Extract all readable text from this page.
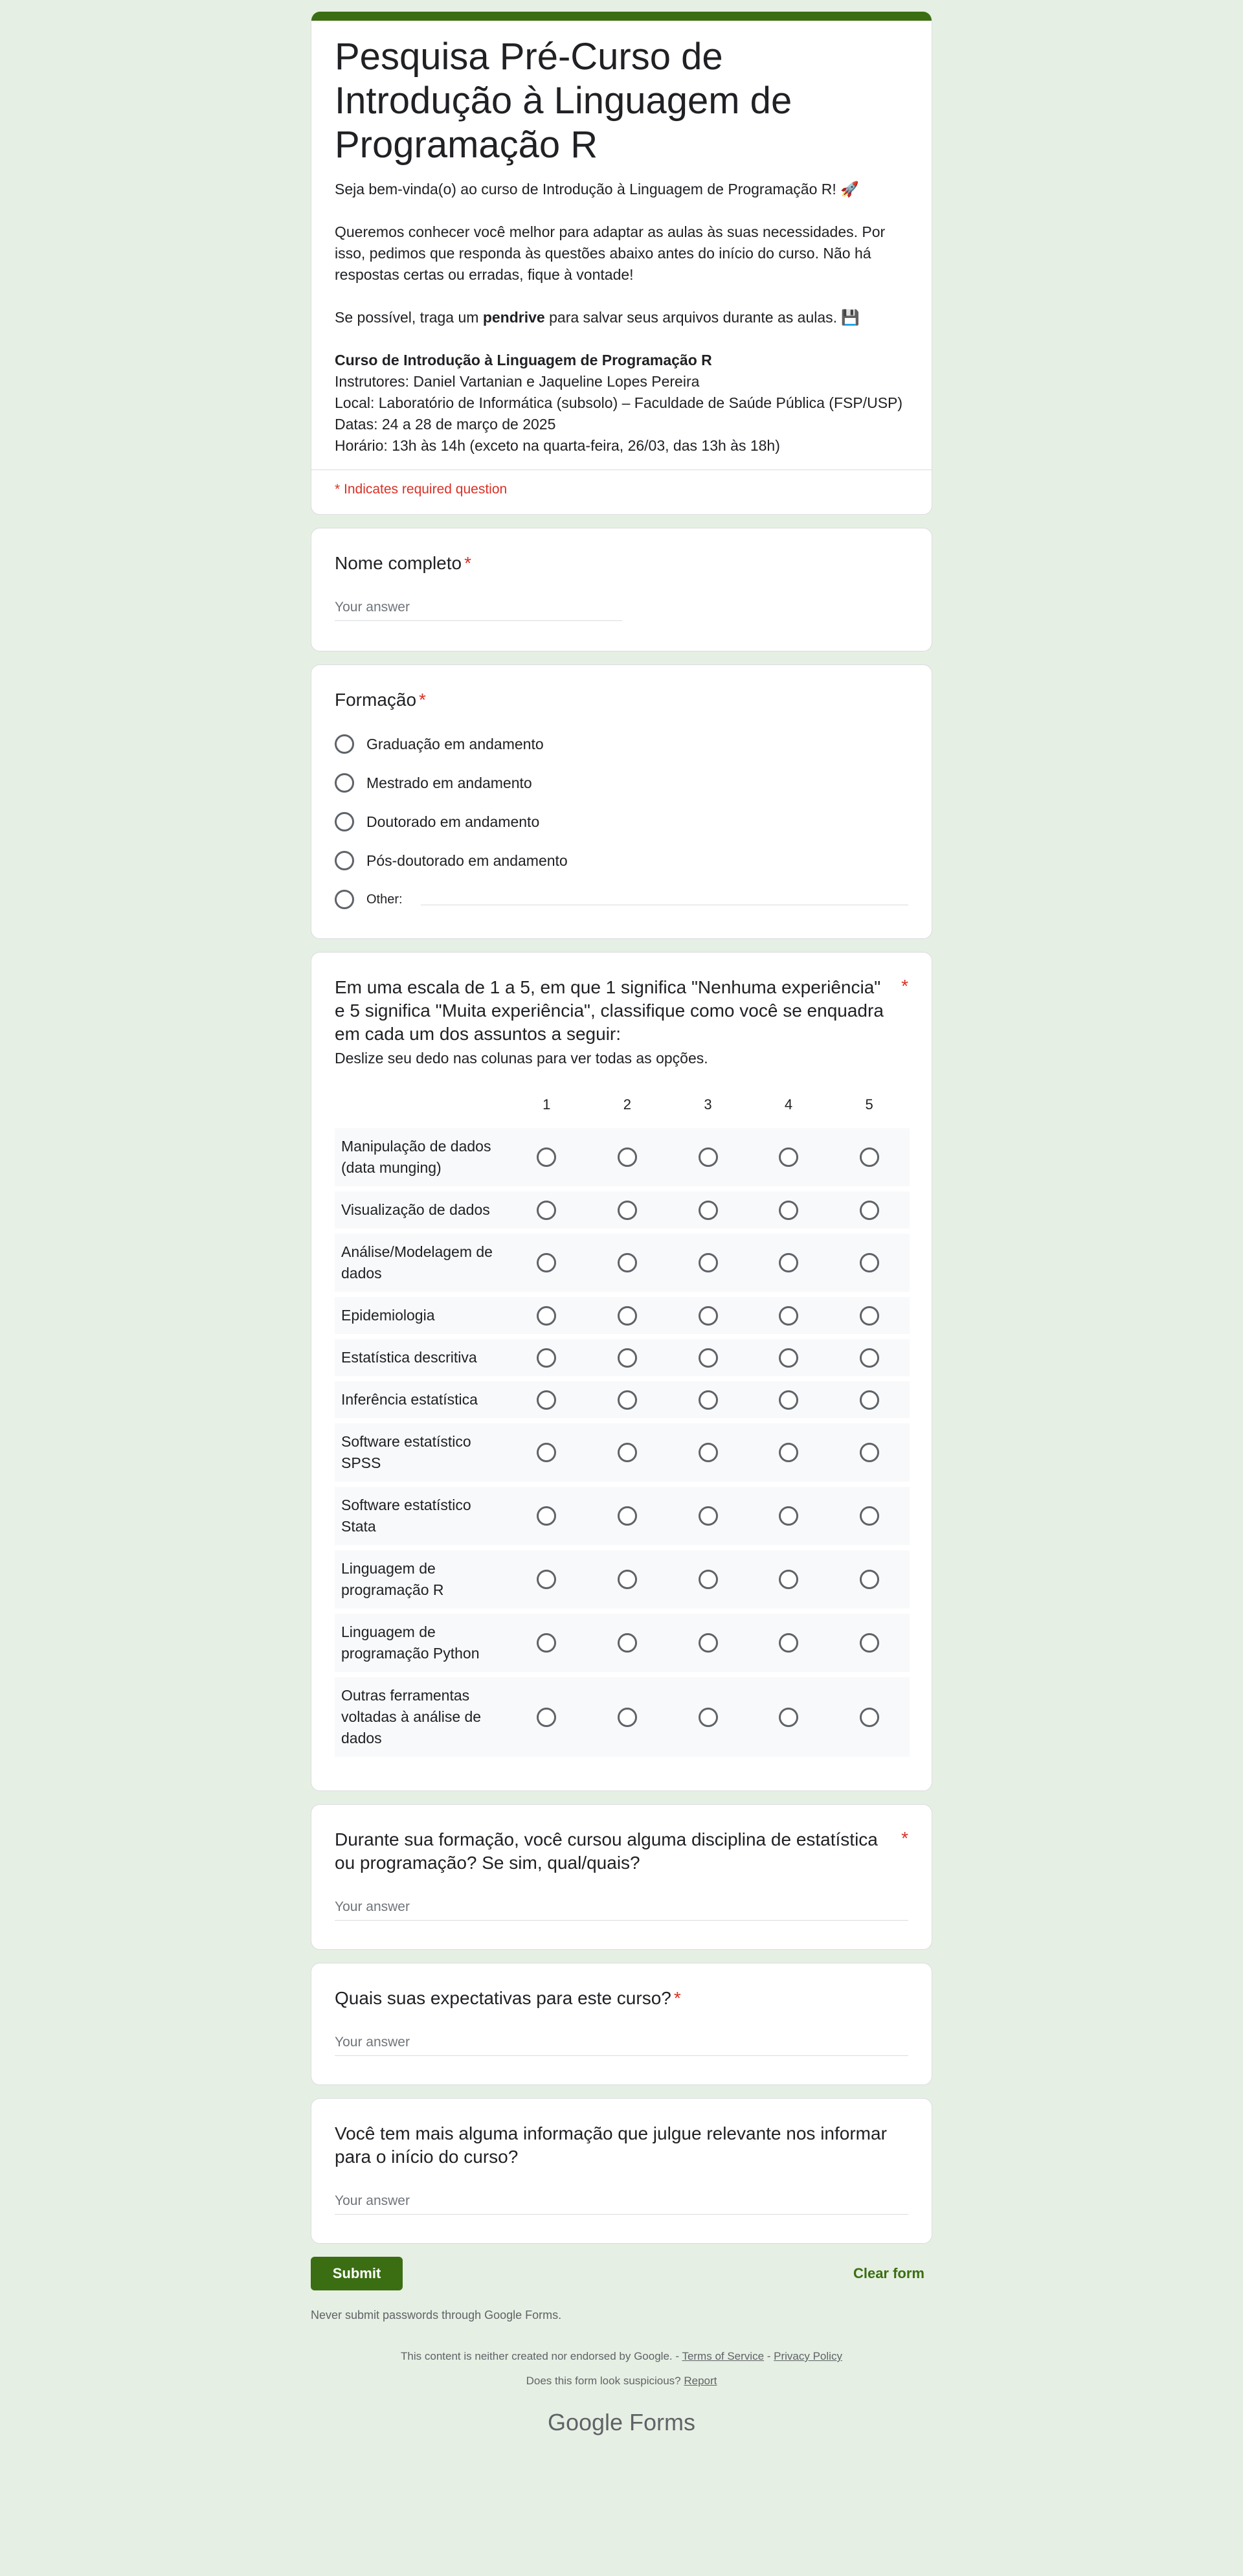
Pesquisa Pré-Curso de Introdução à Linguagem de Programação R

Seja bem-vinda(o) ao curso de Introdução à Linguagem de Programação R! 🚀

Queremos conhecer você melhor para adaptar as aulas às suas necessidades. Por isso, pedimos que responda às questões abaixo antes do início do curso. Não há respostas certas ou erradas, fique à vontade!

Se possível, traga um pendrive para salvar seus arquivos durante as aulas. 💾

Curso de Introdução à Linguagem de Programação R

Instrutores: Daniel Vartanian e Jaqueline Lopes Pereira

Local: Laboratório de Informática (subsolo) – Faculdade de Saúde Pública (FSP/USP)

Datas: 24 a 28 de março de 2025

Horário: 13h às 14h (exceto na quarta-feira, 26/03, das 13h às 18h)

* Indicates required question
Nome completo *
Your answer
Formação *
Graduação em andamento
Mestrado em andamento
Doutorado em andamento
Pós-doutorado em andamento
Other:
Em uma escala de 1 a 5, em que 1 significa "Nenhuma experiência" e 5 significa "Muita experiência", classifique como você se enquadra em cada um dos assuntos a seguir:
*
Deslize seu dedo nas colunas para ver todas as opções.
1	2	3	4	5
Manipulação de dados (data munging)
Visualização de dados
Análise/Modelagem de dados
Epidemiologia
Estatística descritiva
Inferência estatística
Software estatístico SPSS
Software estatístico Stata
Linguagem de programação R
Linguagem de programação Python
Outras ferramentas voltadas à análise de dados
Durante sua formação, você cursou alguma disciplina de estatística ou programação? Se sim, qual/quais?
*
Your answer
Quais suas expectativas para este curso? *
Your answer
Você tem mais alguma informação que julgue relevante nos informar para o início do curso?
Your answer
Submit	Clear form
Never submit passwords through Google Forms.
This content is neither created nor endorsed by Google. - Terms of Service - Privacy Policy
Does this form look suspicious? Report
Google Forms
